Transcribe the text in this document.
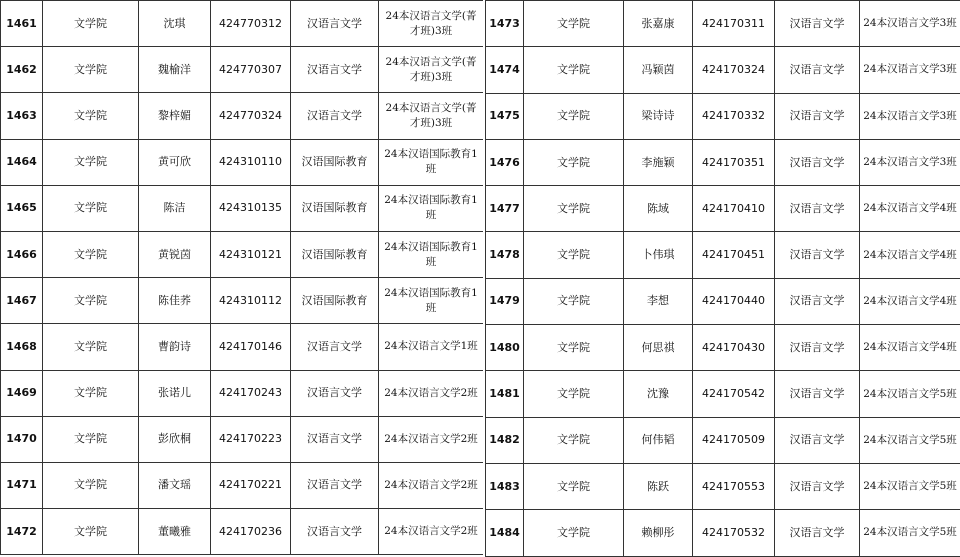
1461	文学院	沈琪	424770312	汉语言文学	24本汉语言文学(菁才班)3班
1462	文学院	魏榆洋	424770307	汉语言文学	24本汉语言文学(菁才班)3班
1463	文学院	黎梓媚	424770324	汉语言文学	24本汉语言文学(菁才班)3班
1464	文学院	黄可欣	424310110	汉语国际教育	24本汉语国际教育1班
1465	文学院	陈洁	424310135	汉语国际教育	24本汉语国际教育1班
1466	文学院	黄锐茵	424310121	汉语国际教育	24本汉语国际教育1班
1467	文学院	陈佳荞	424310112	汉语国际教育	24本汉语国际教育1班
1468	文学院	曹韵诗	424170146	汉语言文学	24本汉语言文学1班
1469	文学院	张诺儿	424170243	汉语言文学	24本汉语言文学2班
1470	文学院	彭欣桐	424170223	汉语言文学	24本汉语言文学2班
1471	文学院	潘文瑶	424170221	汉语言文学	24本汉语言文学2班
1472	文学院	董曦雅	424170236	汉语言文学	24本汉语言文学2班
1473	文学院	张嘉康	424170311	汉语言文学	24本汉语言文学3班
1474	文学院	冯颖茵	424170324	汉语言文学	24本汉语言文学3班
1475	文学院	梁诗诗	424170332	汉语言文学	24本汉语言文学3班
1476	文学院	李施颖	424170351	汉语言文学	24本汉语言文学3班
1477	文学院	陈域	424170410	汉语言文学	24本汉语言文学4班
1478	文学院	卜伟琪	424170451	汉语言文学	24本汉语言文学4班
1479	文学院	李想	424170440	汉语言文学	24本汉语言文学4班
1480	文学院	何思祺	424170430	汉语言文学	24本汉语言文学4班
1481	文学院	沈豫	424170542	汉语言文学	24本汉语言文学5班
1482	文学院	何伟韬	424170509	汉语言文学	24本汉语言文学5班
1483	文学院	陈跃	424170553	汉语言文学	24本汉语言文学5班
1484	文学院	赖柳彤	424170532	汉语言文学	24本汉语言文学5班
